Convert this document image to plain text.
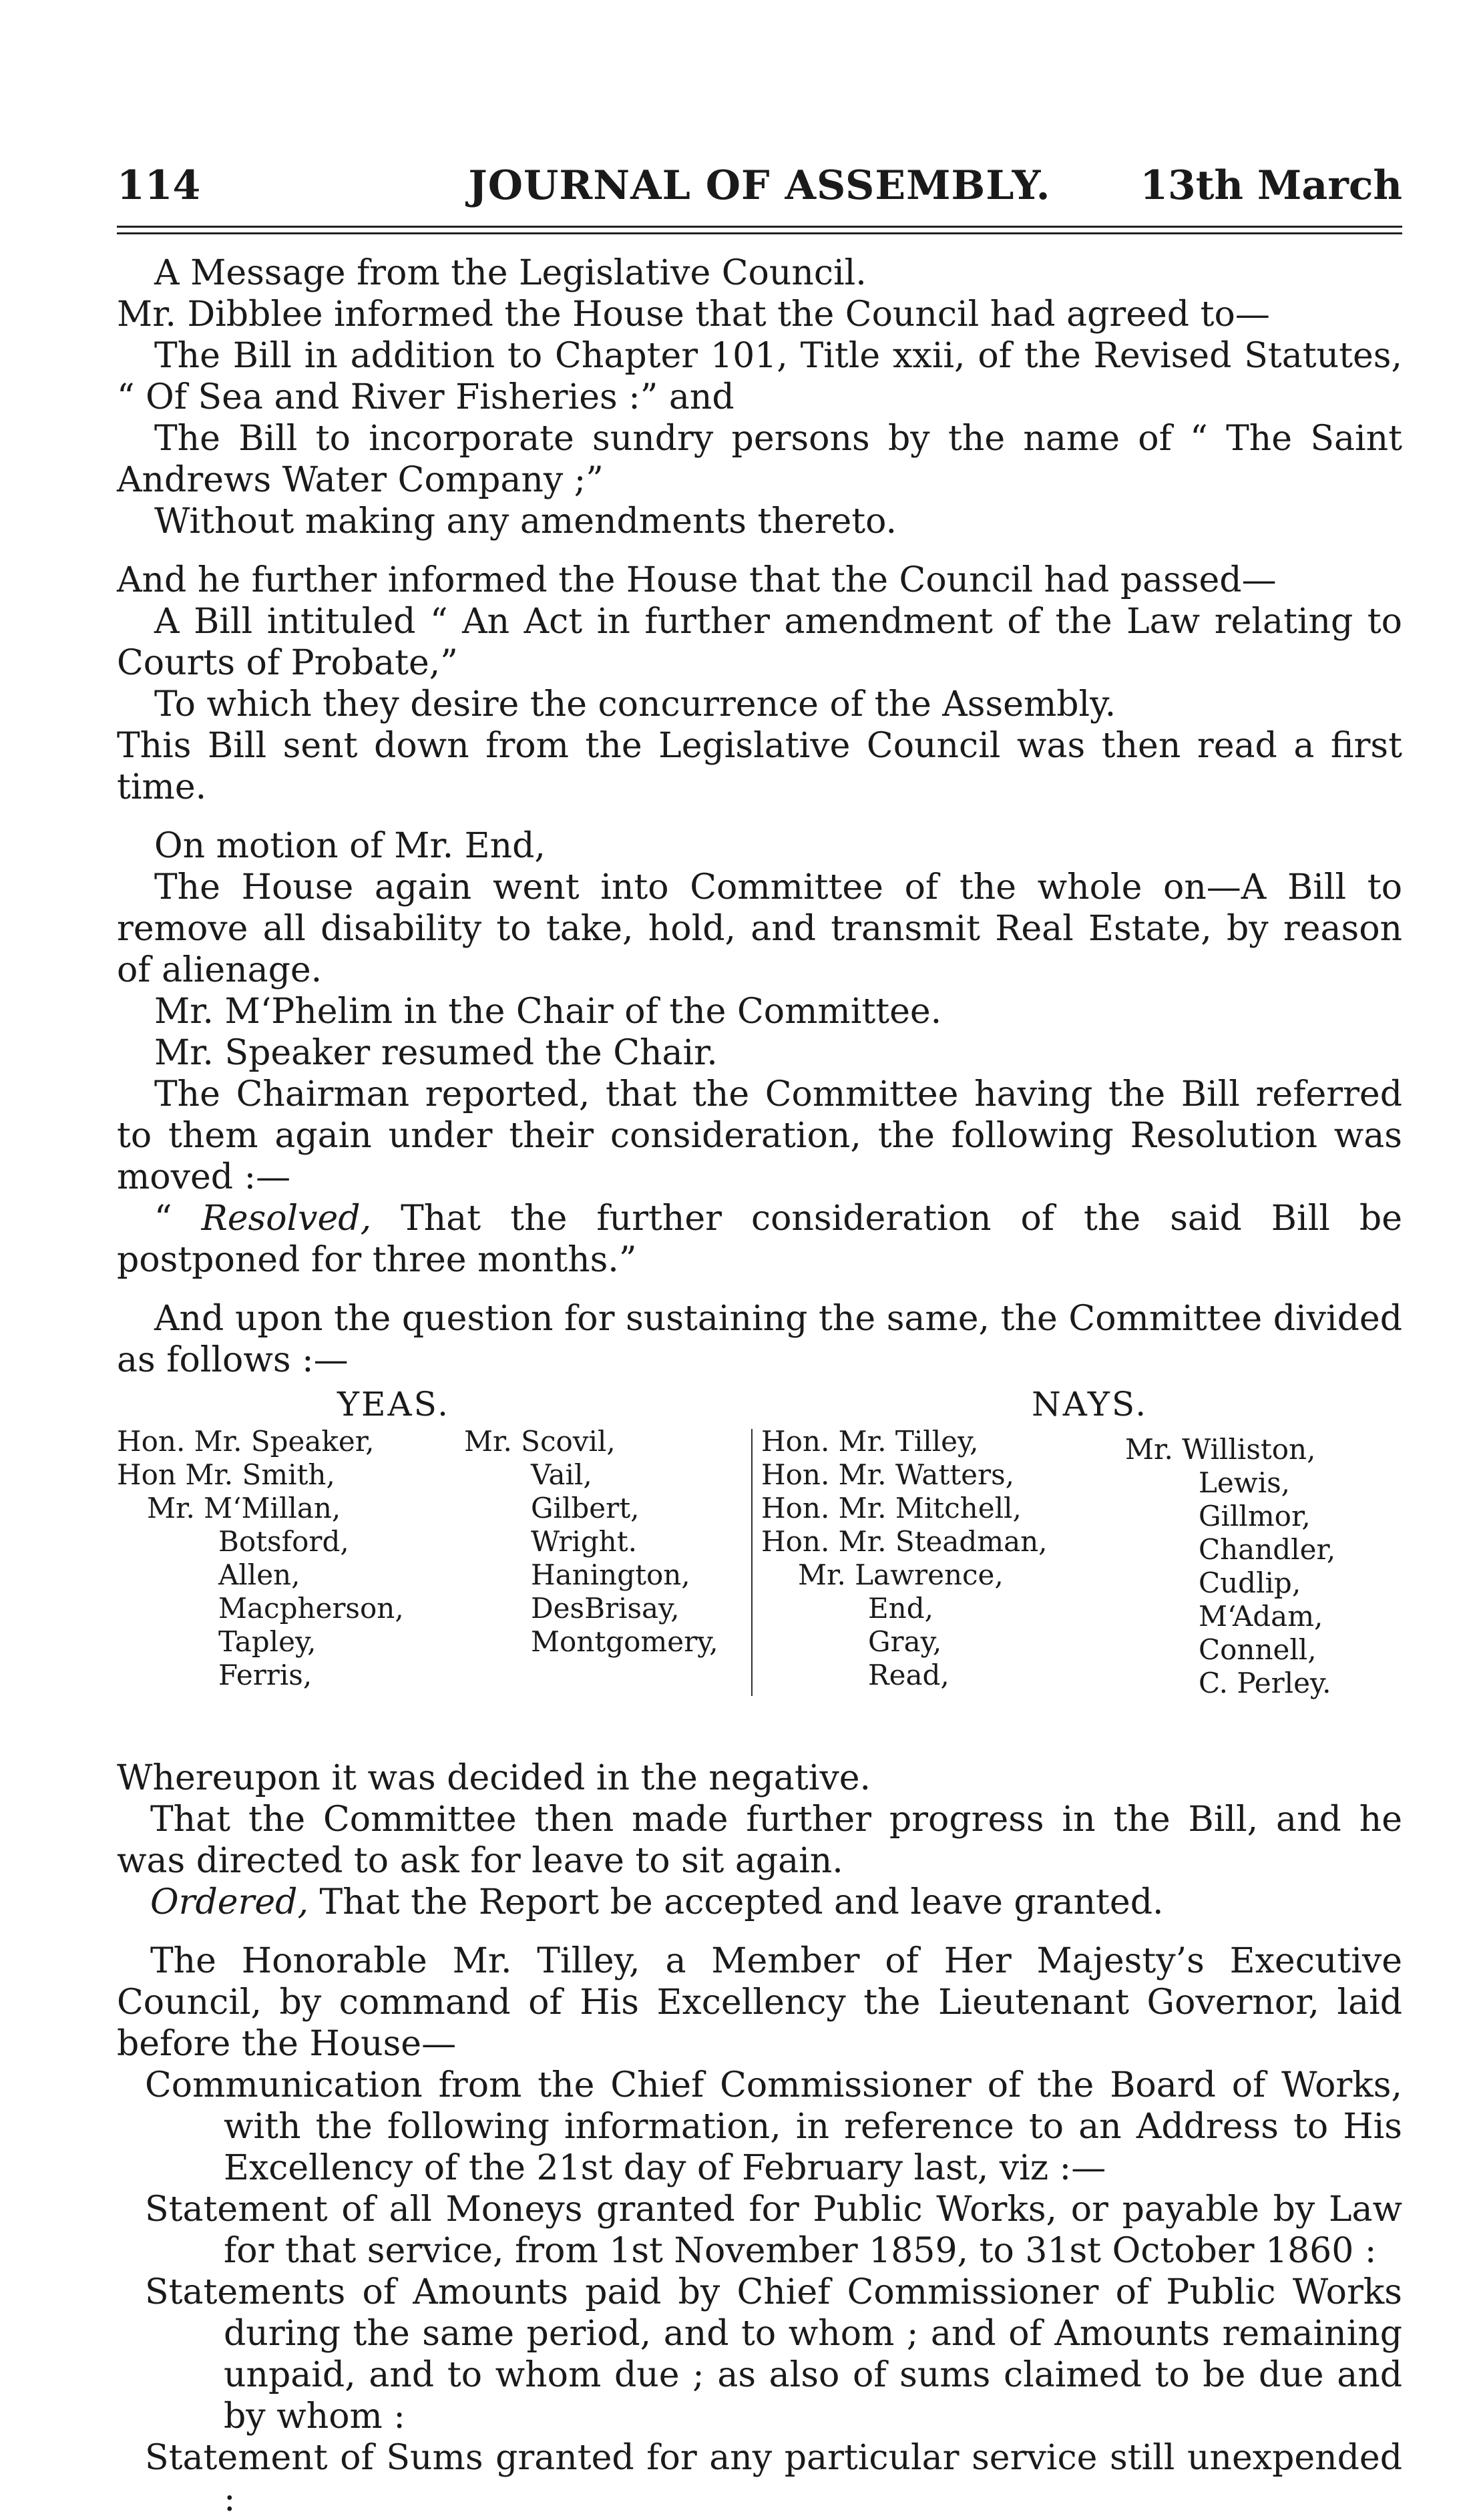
114	JOURNAL OF ASSEMBLY.	13th March

A Message from the Legislative Council.

Mr. Dibblee informed the House that the Council had agreed to—

The Bill in addition to Chapter 101, Title xxii, of the Revised Statutes, “ Of Sea and River Fisheries :” and

The Bill to incorporate sundry persons by the name of “ The Saint Andrews Water Company ;”

Without making any amendments thereto.

And he further informed the House that the Council had passed—

A Bill intituled “ An Act in further amendment of the Law relating to Courts of Probate,”

To which they desire the concurrence of the Assembly.

This Bill sent down from the Legislative Council was then read a first time.

On motion of Mr. End,

The House again went into Committee of the whole on—A Bill to remove all disability to take, hold, and transmit Real Estate, by reason of alienage.

Mr. M‘Phelim in the Chair of the Committee.

Mr. Speaker resumed the Chair.

The Chairman reported, that the Committee having the Bill referred to them again under their consideration, the following Resolution was moved :—

“ Resolved, That the further consideration of the said Bill be postponed for three months.”

And upon the question for sustaining the same, the Committee divided as follows :—

YEAS.	NAYS.
Hon. Mr. Speaker,
Hon Mr. Smith,
Mr. M‘Millan,
Botsford,
Allen,
Macpherson,
Tapley,
Ferris,
Mr. Scovil,
Vail,
Gilbert,
Wright.
Hanington,
DesBrisay,
Montgomery,
Hon. Mr. Tilley,
Hon. Mr. Watters,
Hon. Mr. Mitchell,
Hon. Mr. Steadman,
Mr. Lawrence,
End,
Gray,
Read,
Mr. Williston,
Lewis,
Gillmor,
Chandler,
Cudlip,
M‘Adam,
Connell,
C. Perley.

Whereupon it was decided in the negative.

That the Committee then made further progress in the Bill, and he was directed to ask for leave to sit again.

Ordered, That the Report be accepted and leave granted.

The Honorable Mr. Tilley, a Member of Her Majesty’s Executive Council, by command of His Excellency the Lieutenant Governor, laid before the House—

Communication from the Chief Commissioner of the Board of Works, with the following information, in reference to an Address to His Excellency of the 21st day of February last, viz :—

Statement of all Moneys granted for Public Works, or payable by Law for that service, from 1st November 1859, to 31st October 1860 :

Statements of Amounts paid by Chief Commissioner of Public Works during the same period, and to whom ; and of Amounts remaining unpaid, and to whom due ; as also of sums claimed to be due and by whom :

Statement of Sums granted for any particular service still unexpended :
